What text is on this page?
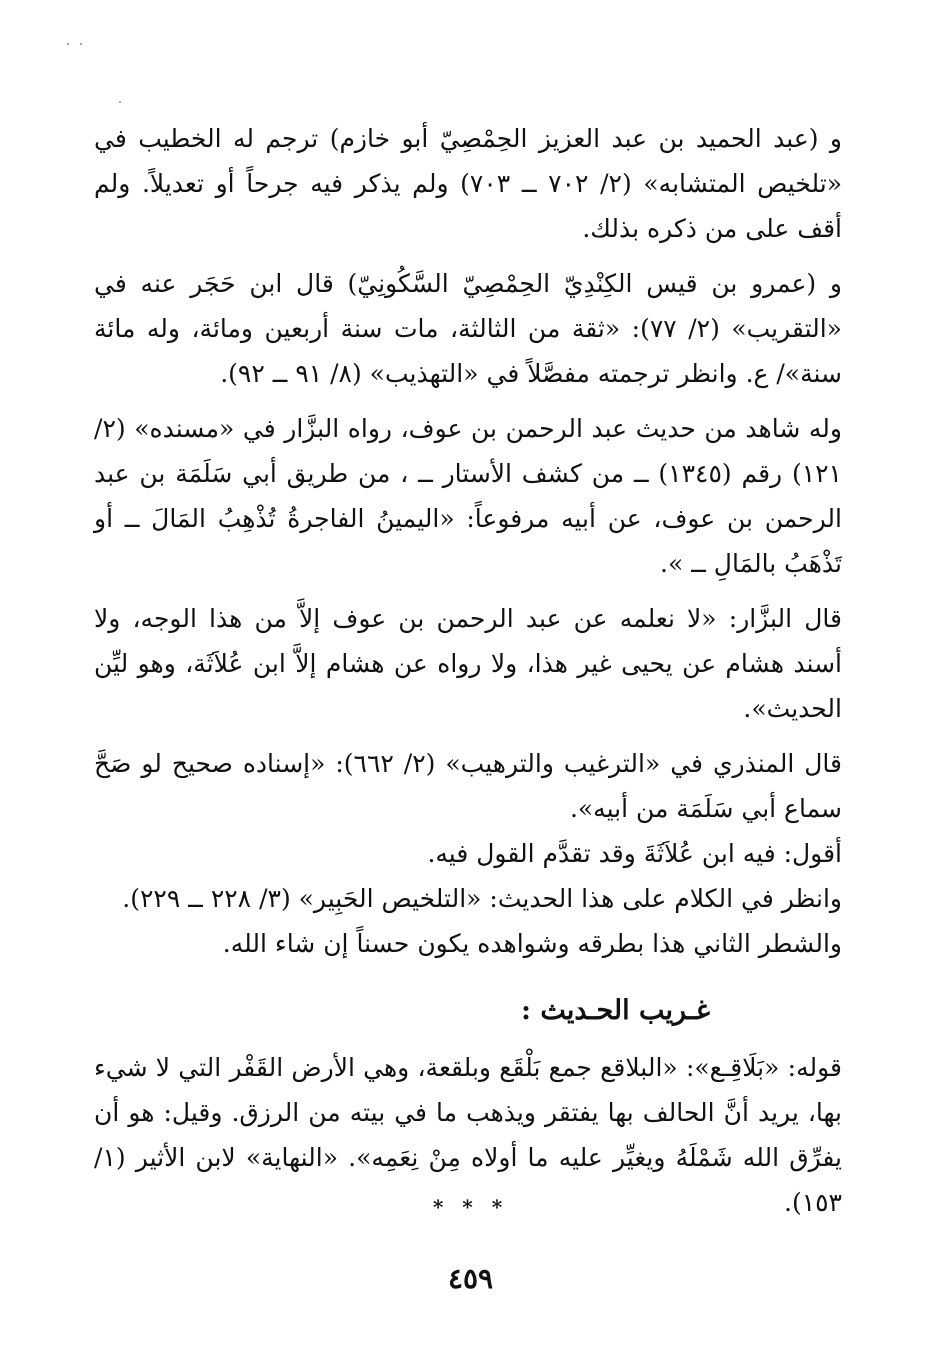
و (عبد الحميد بن عبد العزيز الحِمْصِيّ أبو خازم) ترجم له الخطيب في «تلخيص المتشابه» (٢/ ٧٠٢ ــ ٧٠٣) ولم يذكر فيه جرحاً أو تعديلاً. ولم أقف على من ذكره بذلك.

و (عمرو بن قيس الكِنْدِيّ الحِمْصِيّ السَّكُونِيّ) قال ابن حَجَر عنه في «التقريب» (٢/ ٧٧): «ثقة من الثالثة، مات سنة أربعين ومائة، وله مائة سنة»/ ع. وانظر ترجمته مفصَّلاً في «التهذيب» (٨/ ٩١ ــ ٩٢).

وله شاهد من حديث عبد الرحمن بن عوف، رواه البزَّار في «مسنده» (٢/ ١٢١) رقم (١٣٤٥) ــ من كشف الأستار ــ ، من طريق أبي سَلَمَة بن عبد الرحمن بن عوف، عن أبيه مرفوعاً: «اليمينُ الفاجرةُ تُذْهِبُ المَالَ ــ أو تَذْهَبُ بالمَالِ ــ ».

قال البزَّار: «لا نعلمه عن عبد الرحمن بن عوف إلاَّ من هذا الوجه، ولا أسند هشام عن يحيى غير هذا، ولا رواه عن هشام إلاَّ ابن عُلاَثَة، وهو ليِّن الحديث».

قال المنذري في «الترغيب والترهيب» (٢/ ٦٦٢): «إسناده صحيح لو صَحَّ سماع أبي سَلَمَة من أبيه».
أقول: فيه ابن عُلاَثَةَ وقد تقدَّم القول فيه.
وانظر في الكلام على هذا الحديث: «التلخيص الحَبِير» (٣/ ٢٢٨ ــ ٢٢٩).
والشطر الثاني هذا بطرقه وشواهده يكون حسناً إن شاء الله.

غـريب الحـديث :

قوله: «بَلَاقِـع»: «البلاقع جمع بَلْقَع وبلقعة، وهي الأرض القَفْر التي لا شيء بها، يريد أنَّ الحالف بها يفتقر ويذهب ما في بيته من الرزق. وقيل: هو أن يفرِّق الله شَمْلَهُ ويغيِّر عليه ما أولاه مِنْ نِعَمِه». «النهاية» لابن الأثير (١/ ١٥٣).

* * *
٤٥٩
